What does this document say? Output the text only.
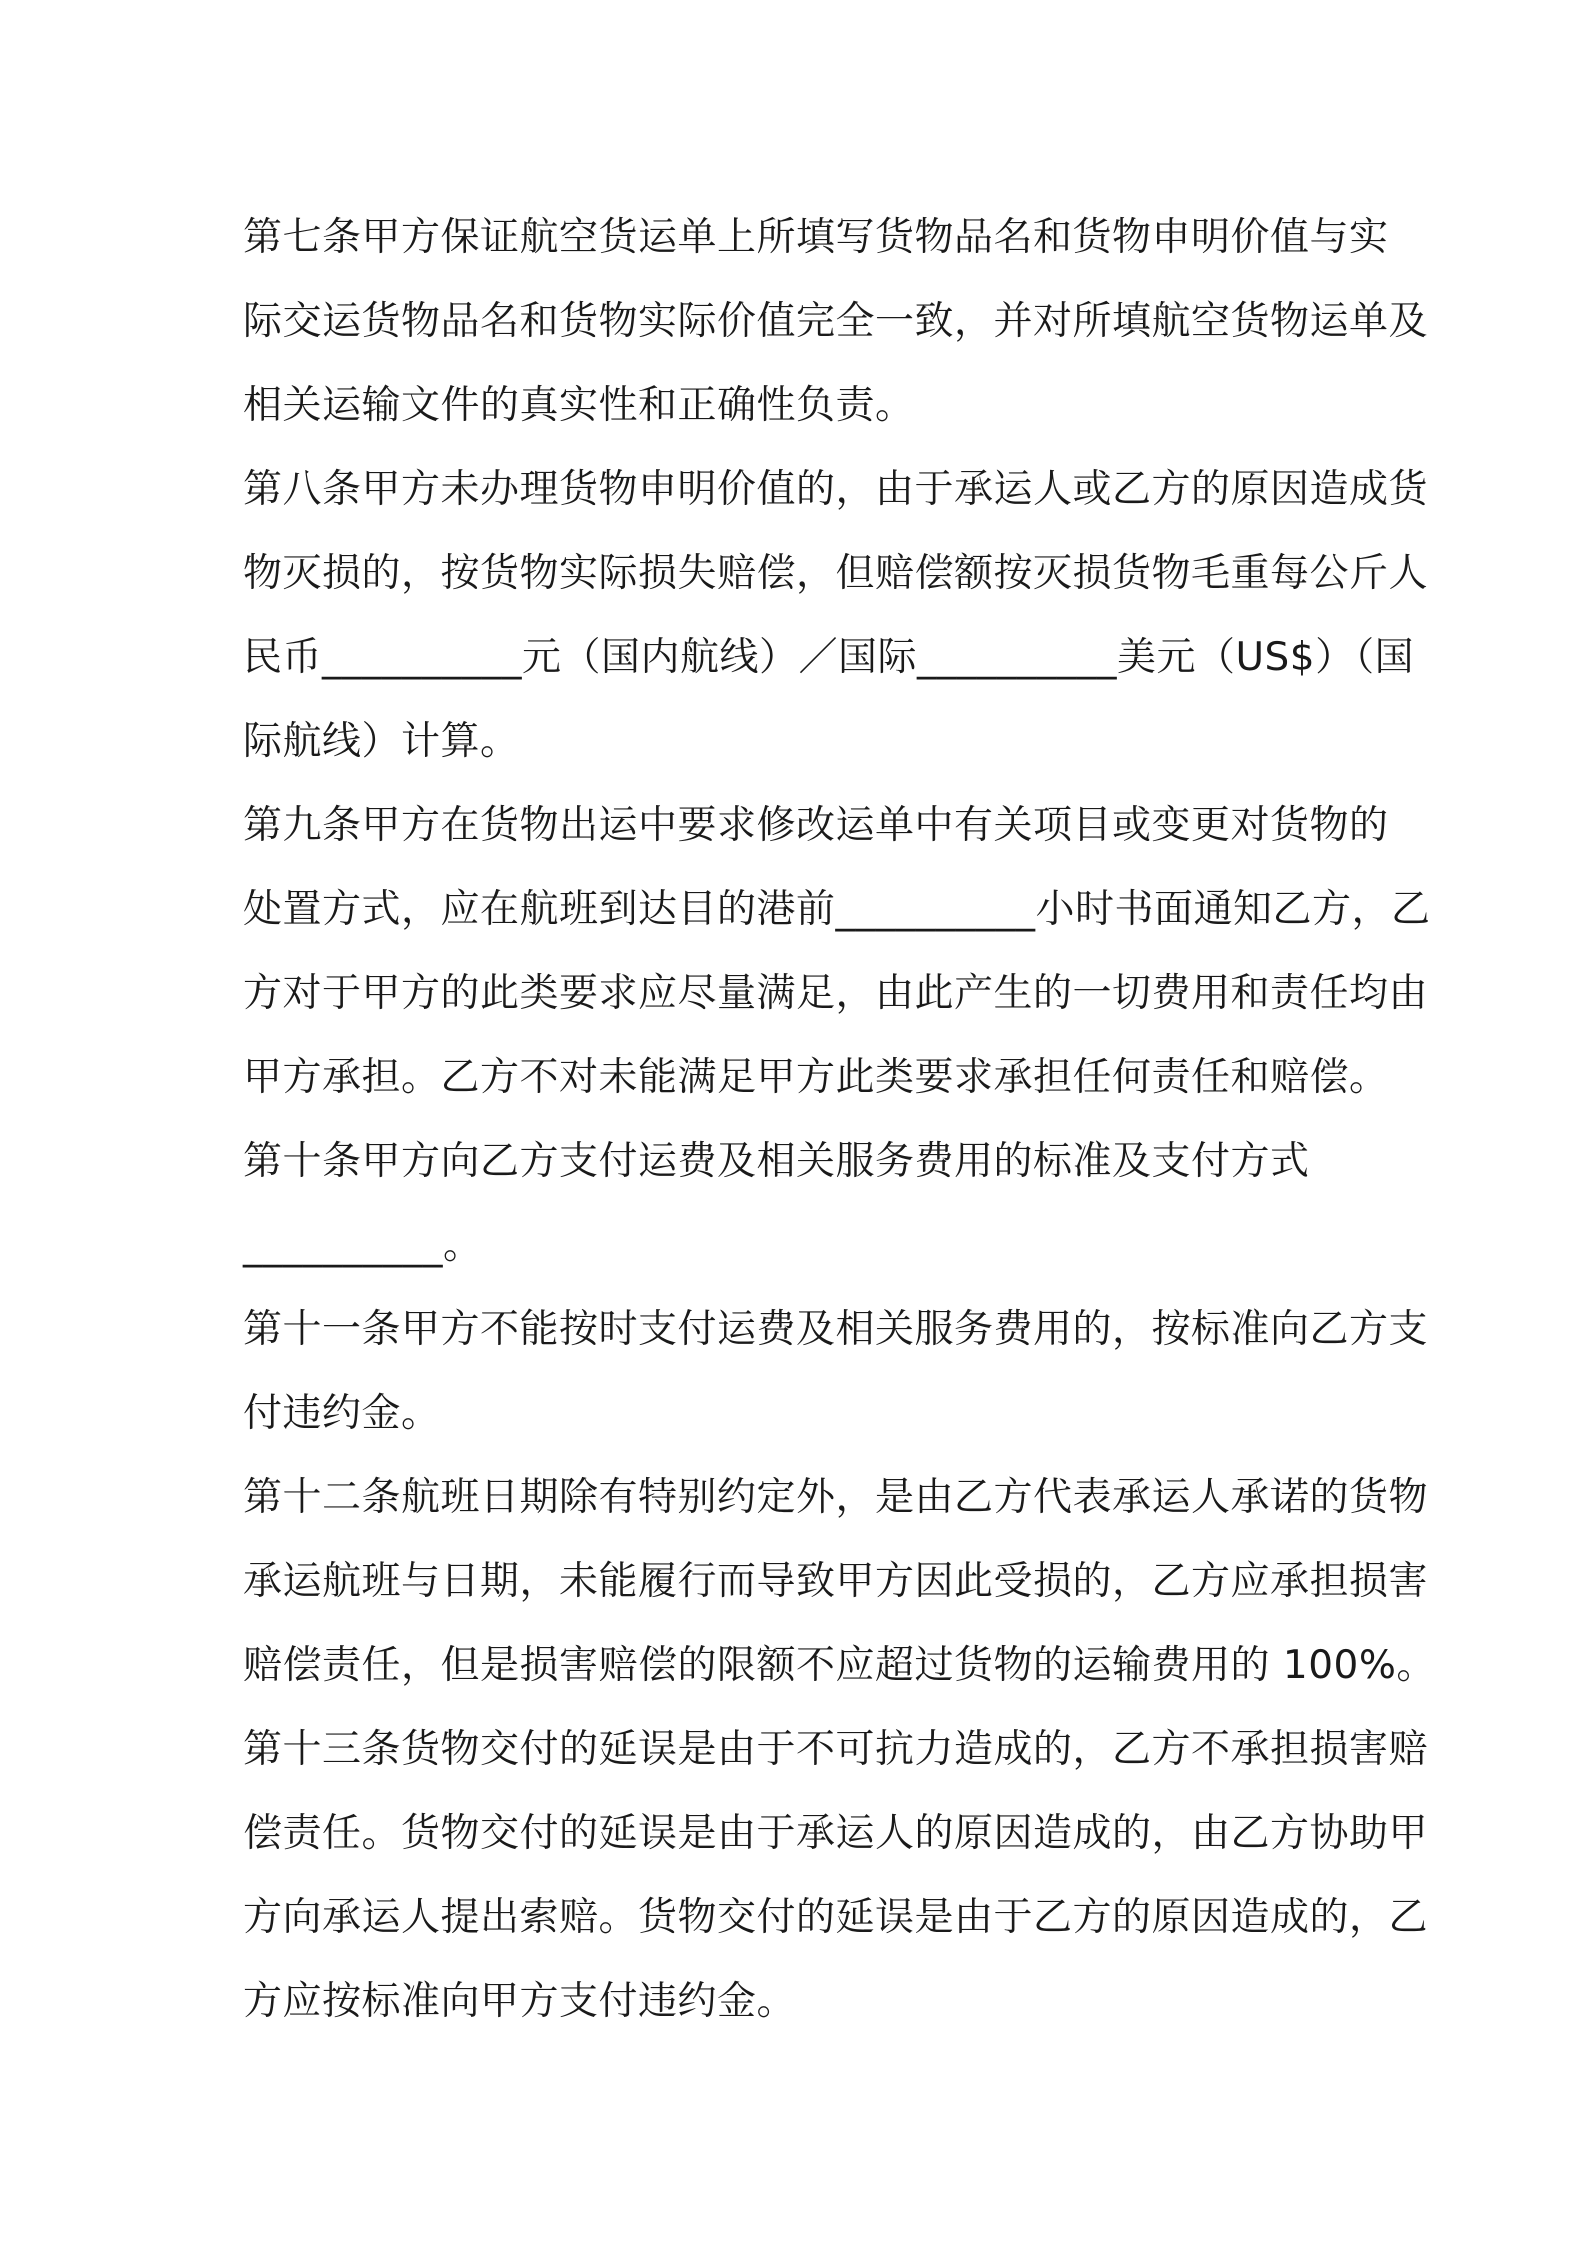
第七条甲方保证航空货运单上所填写货物品名和货物申明价值与实
际交运货物品名和货物实际价值完全一致，并对所填航空货物运单及
相关运输文件的真实性和正确性负责。
第八条甲方未办理货物申明价值的，由于承运人或乙方的原因造成货
物灭损的，按货物实际损失赔偿，但赔偿额按灭损货物毛重每公斤人
民币__________元（国内航线）／国际__________美元（US$）（国
际航线）计算。
第九条甲方在货物出运中要求修改运单中有关项目或变更对货物的
处置方式，应在航班到达目的港前__________小时书面通知乙方，乙
方对于甲方的此类要求应尽量满足，由此产生的一切费用和责任均由
甲方承担。乙方不对未能满足甲方此类要求承担任何责任和赔偿。
第十条甲方向乙方支付运费及相关服务费用的标准及支付方式
__________。
第十一条甲方不能按时支付运费及相关服务费用的，按标准向乙方支
付违约金。
第十二条航班日期除有特别约定外，是由乙方代表承运人承诺的货物
承运航班与日期，未能履行而导致甲方因此受损的，乙方应承担损害
赔偿责任，但是损害赔偿的限额不应超过货物的运输费用的 100%。
第十三条货物交付的延误是由于不可抗力造成的，乙方不承担损害赔
偿责任。货物交付的延误是由于承运人的原因造成的，由乙方协助甲
方向承运人提出索赔。货物交付的延误是由于乙方的原因造成的，乙
方应按标准向甲方支付违约金。
